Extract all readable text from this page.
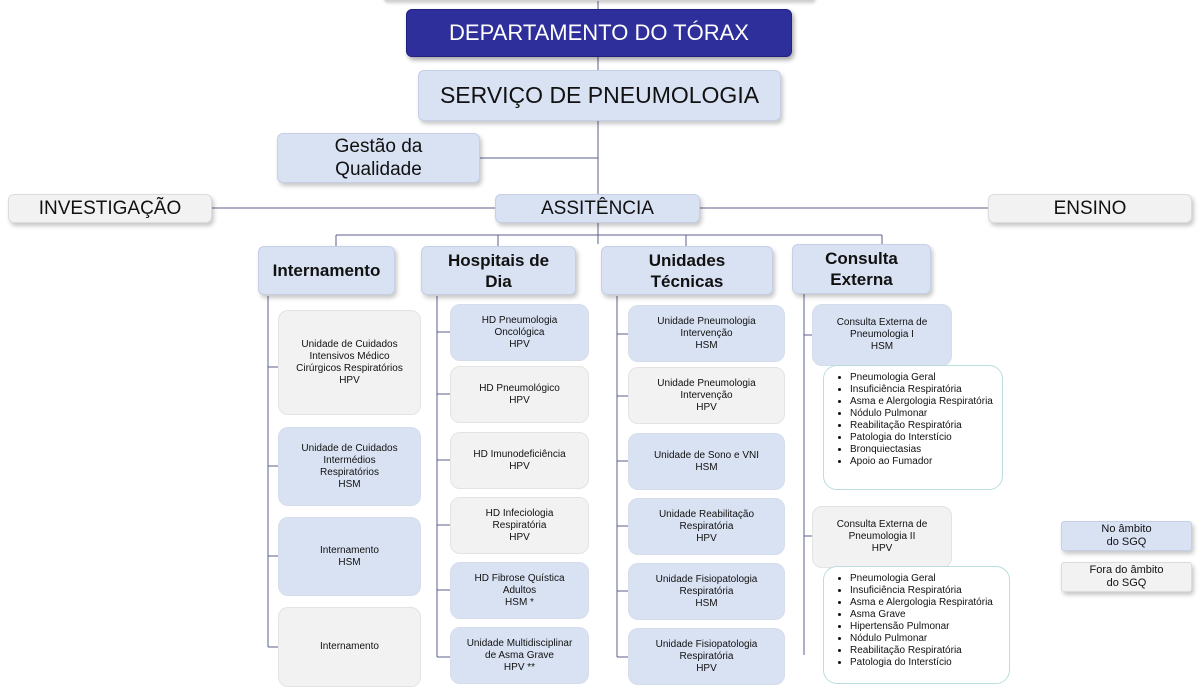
DEPARTAMENTO DO TÓRAX
SERVIÇO DE PNEUMOLOGIA
Gestão da
Qualidade
INVESTIGAÇÃO	ASSITÊNCIA	ENSINO
Internamento
Hospitais de
Dia
Unidades
Técnicas
Consulta
Externa
Unidade de Cuidados
Intensivos Médico
Cirúrgicos Respiratórios
HPV
Unidade de Cuidados
Intermédios
Respiratórios
HSM
Internamento
HSM
Internamento
HD Pneumologia
Oncológica
HPV
HD Pneumológico
HPV
HD Imunodeficiência
HPV
HD Infeciologia
Respiratória
HPV
HD Fibrose Quística
Adultos
HSM *
Unidade Multidisciplinar
de Asma Grave
HPV **
Unidade Pneumologia
Intervenção
HSM
Unidade Pneumologia
Intervenção
HPV
Unidade de Sono e VNI
HSM
Unidade Reabilitação
Respiratória
HPV
Unidade Fisiopatologia
Respiratória
HSM
Unidade Fisiopatologia
Respiratória
HPV
Consulta Externa de
Pneumologia I
HSM
• Pneumologia Geral
• Insuficiência Respiratória
• Asma e Alergologia Respiratória
• Nódulo Pulmonar
• Reabilitação Respiratória
• Patologia do Interstício
• Bronquiectasias
• Apoio ao Fumador
Consulta Externa de
Pneumologia II
HPV
• Pneumologia Geral
• Insuficiência Respiratória
• Asma e Alergologia Respiratória
• Asma Grave
• Hipertensão Pulmonar
• Nódulo Pulmonar
• Reabilitação Respiratória
• Patologia do Interstício
No âmbito
do SGQ
Fora do âmbito
do SGQ
